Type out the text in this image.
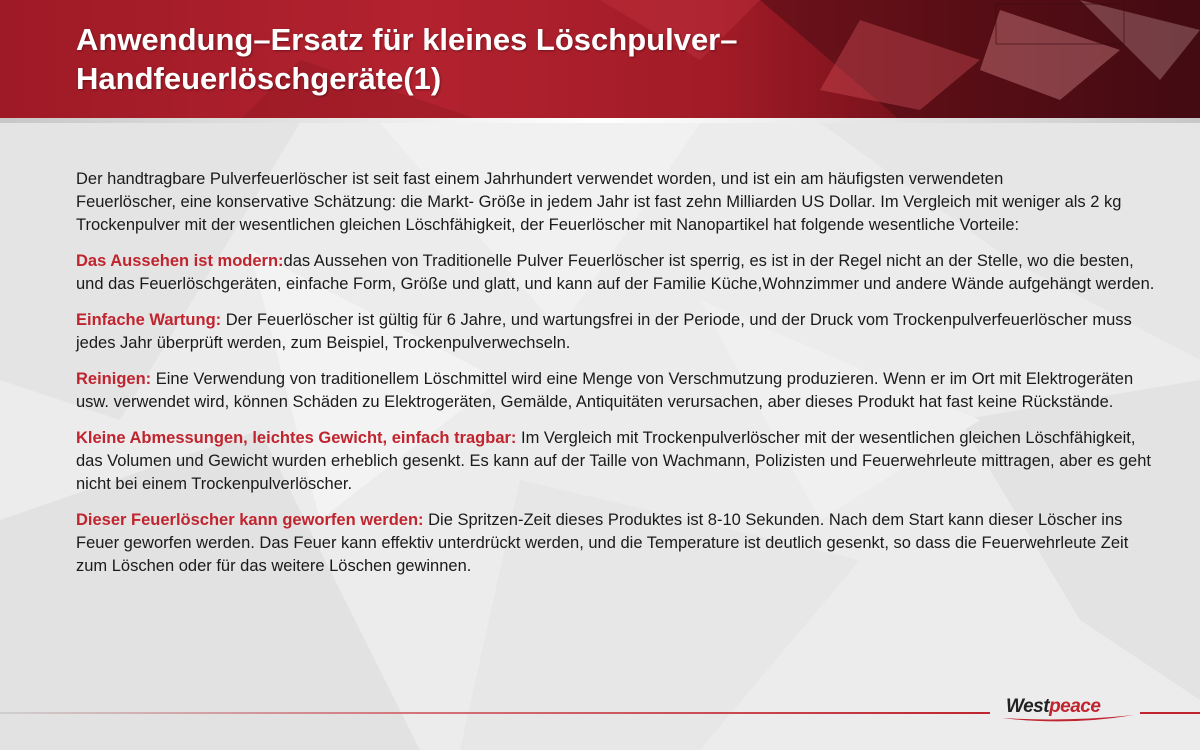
Anwendung–Ersatz für kleines Löschpulver–
Handfeuerlöschgeräte(1)

Der handtragbare Pulverfeuerlöscher ist seit fast einem Jahrhundert verwendet worden, und ist ein am häufigsten verwendeten
Feuerlöscher, eine konservative Schätzung: die Markt- Größe in jedem Jahr ist fast zehn Milliarden US Dollar. Im Vergleich mit weniger als 2 kg Trockenpulver mit der wesentlichen gleichen Löschfähigkeit, der Feuerlöscher mit Nanopartikel hat folgende wesentliche Vorteile:

Das Aussehen ist modern:das Aussehen von Traditionelle Pulver Feuerlöscher ist sperrig, es ist in der Regel nicht an der Stelle, wo die besten, und das Feuerlöschgeräten, einfache Form, Größe und glatt, und kann auf der Familie Küche,Wohnzimmer und andere Wände aufgehängt werden.

Einfache Wartung: Der Feuerlöscher ist gültig für 6 Jahre, und wartungsfrei in der Periode, und der Druck vom Trockenpulverfeuerlöscher muss jedes Jahr überprüft werden, zum Beispiel, Trockenpulverwechseln.

Reinigen: Eine Verwendung von traditionellem Löschmittel wird eine Menge von Verschmutzung produzieren. Wenn er im Ort mit Elektrogeräten usw. verwendet wird, können Schäden zu Elektrogeräten, Gemälde, Antiquitäten verursachen, aber dieses Produkt hat fast keine Rückstände.

Kleine Abmessungen, leichtes Gewicht, einfach tragbar: Im Vergleich mit Trockenpulverlöscher mit der wesentlichen gleichen Löschfähigkeit, das Volumen und Gewicht wurden erheblich gesenkt. Es kann auf der Taille von Wachmann, Polizisten und Feuerwehrleute mittragen, aber es geht nicht bei einem Trockenpulverlöscher.

Dieser Feuerlöscher kann geworfen werden: Die Spritzen-Zeit dieses Produktes ist 8-10 Sekunden. Nach dem Start kann dieser Löscher ins Feuer geworfen werden. Das Feuer kann effektiv unterdrückt werden, und die Temperature ist deutlich gesenkt, so dass die Feuerwehrleute Zeit zum Löschen oder für das weitere Löschen gewinnen.

Westpeace
